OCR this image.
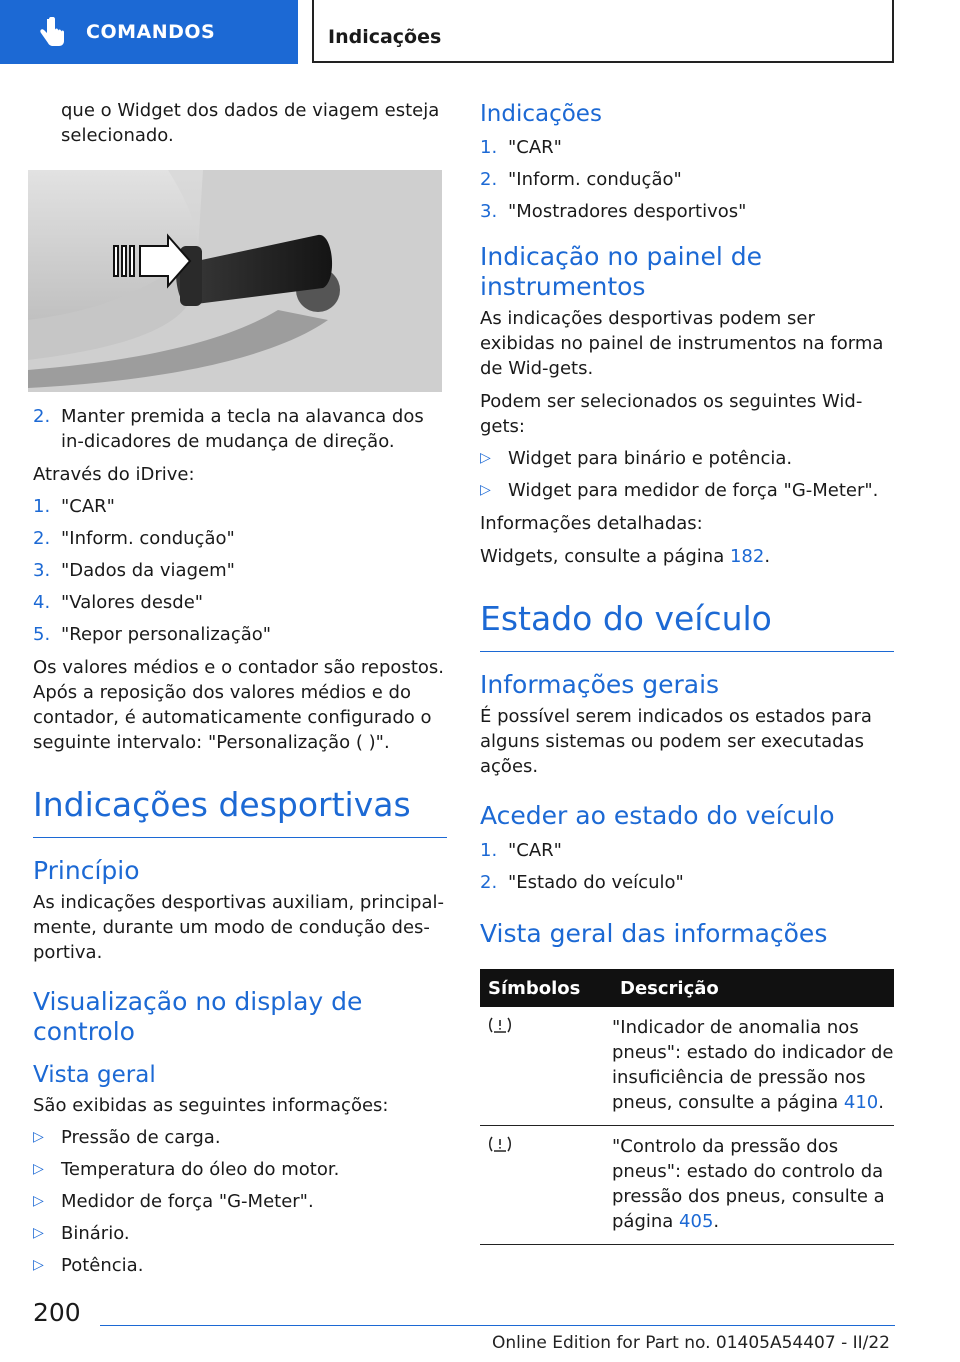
COMANDOS	Indicações

que o Widget dos dados de viagem esteja selecionado.

2. Manter premida a tecla na alavanca dos in-dicadores de mudança de direção.

Através do iDrive:

1. "CAR"
2. "Inform. condução"
3. "Dados da viagem"
4. "Valores desde"
5. "Repor personalização"

Os valores médios e o contador são repostos. Após a reposição dos valores médios e do contador, é automaticamente configurado o seguinte intervalo: "Personalização ( )".

Indicações desportivas
Princípio

As indicações desportivas auxiliam, principal-mente, durante um modo de condução des-portiva.

Visualização no display de controlo
Vista geral

São exibidas as seguintes informações:

▷ Pressão de carga.
▷ Temperatura do óleo do motor.
▷ Medidor de força "G-Meter".
▷ Binário.
▷ Potência.
Indicações
1. "CAR"
2. "Inform. condução"
3. "Mostradores desportivos"
Indicação no painel de instrumentos

As indicações desportivas podem ser exibidas no painel de instrumentos na forma de Wid-gets.

Podem ser selecionados os seguintes Wid-gets:

▷ Widget para binário e potência.
▷ Widget para medidor de força "G-Meter".

Informações detalhadas:

Widgets, consulte a página 182.

Estado do veículo
Informações gerais

É possível serem indicados os estados para alguns sistemas ou podem ser executadas ações.

Aceder ao estado do veículo
1. "CAR"
2. "Estado do veículo"
Vista geral das informações
Símbolos	Descrição
	"Indicador de anomalia nos pneus": estado do indicador de insuficiência de pressão nos pneus, consulte a página 410.
	"Controlo da pressão dos pneus": estado do controlo da pressão dos pneus, consulte a página 405.
200
Online Edition for Part no. 01405A54407 - II/22
